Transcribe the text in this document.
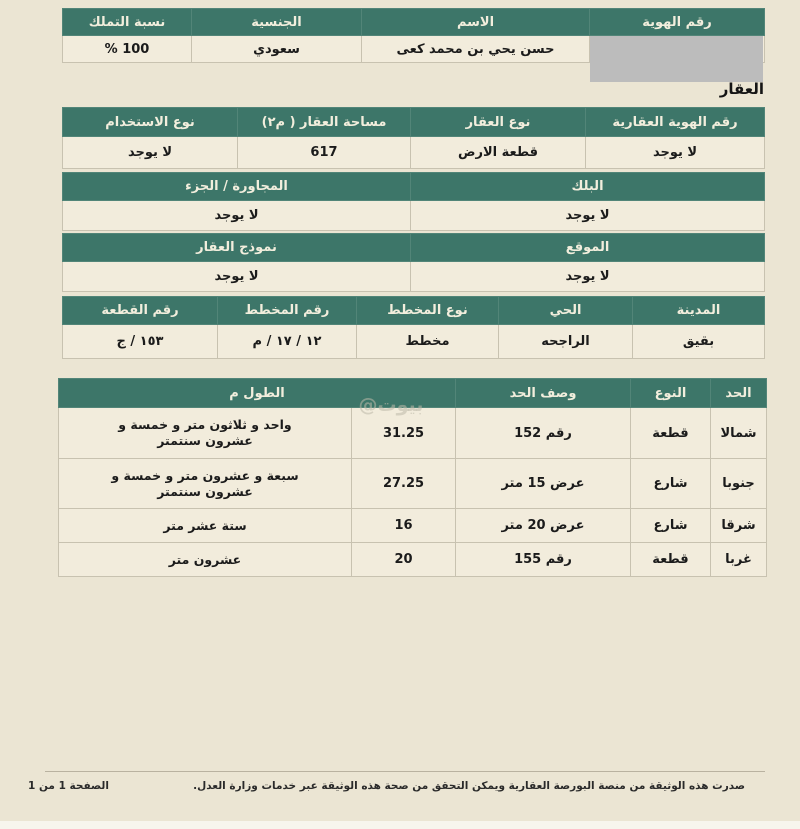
رقم الهوية	الاسم	الجنسية	نسبة التملك
	حسن يحي بن محمد كعى	سعودي	100 %
العقار
رقم الهوية العقارية	نوع العقار	مساحة العقار ( م٢)	نوع الاستخدام
لا يوجد	قطعة الارض	617	لا يوجد
البلك	المجاورة / الجزء
لا يوجد	لا يوجد
الموقع	نموذج العقار
لا يوجد	لا يوجد
المدينة	الحي	نوع المخطط	رقم المخطط	رقم القطعة
بقيق	الراجحه	مخطط	١٢ / ١٧ / م	١٥٣ / ج
الحد	النوع	وصف الحد	الطول م	
شمالا	قطعة	رقم 152	31.25	واحد و ثلاثون متر و خمسة و عشرون سنتمتر
جنوبا	شارع	عرض 15 متر	27.25	سبعة و عشرون متر و خمسة و عشرون سنتمتر
شرقا	شارع	عرض 20 متر	16	ستة عشر متر
غربا	قطعة	رقم 155	20	عشرون متر
بيوت@
صدرت هذه الوثيقة من منصة البورصة العقارية ويمكن التحقق من صحة هذه الوثيقة عبر خدمات وزارة العدل.
الصفحة 1 من 1
